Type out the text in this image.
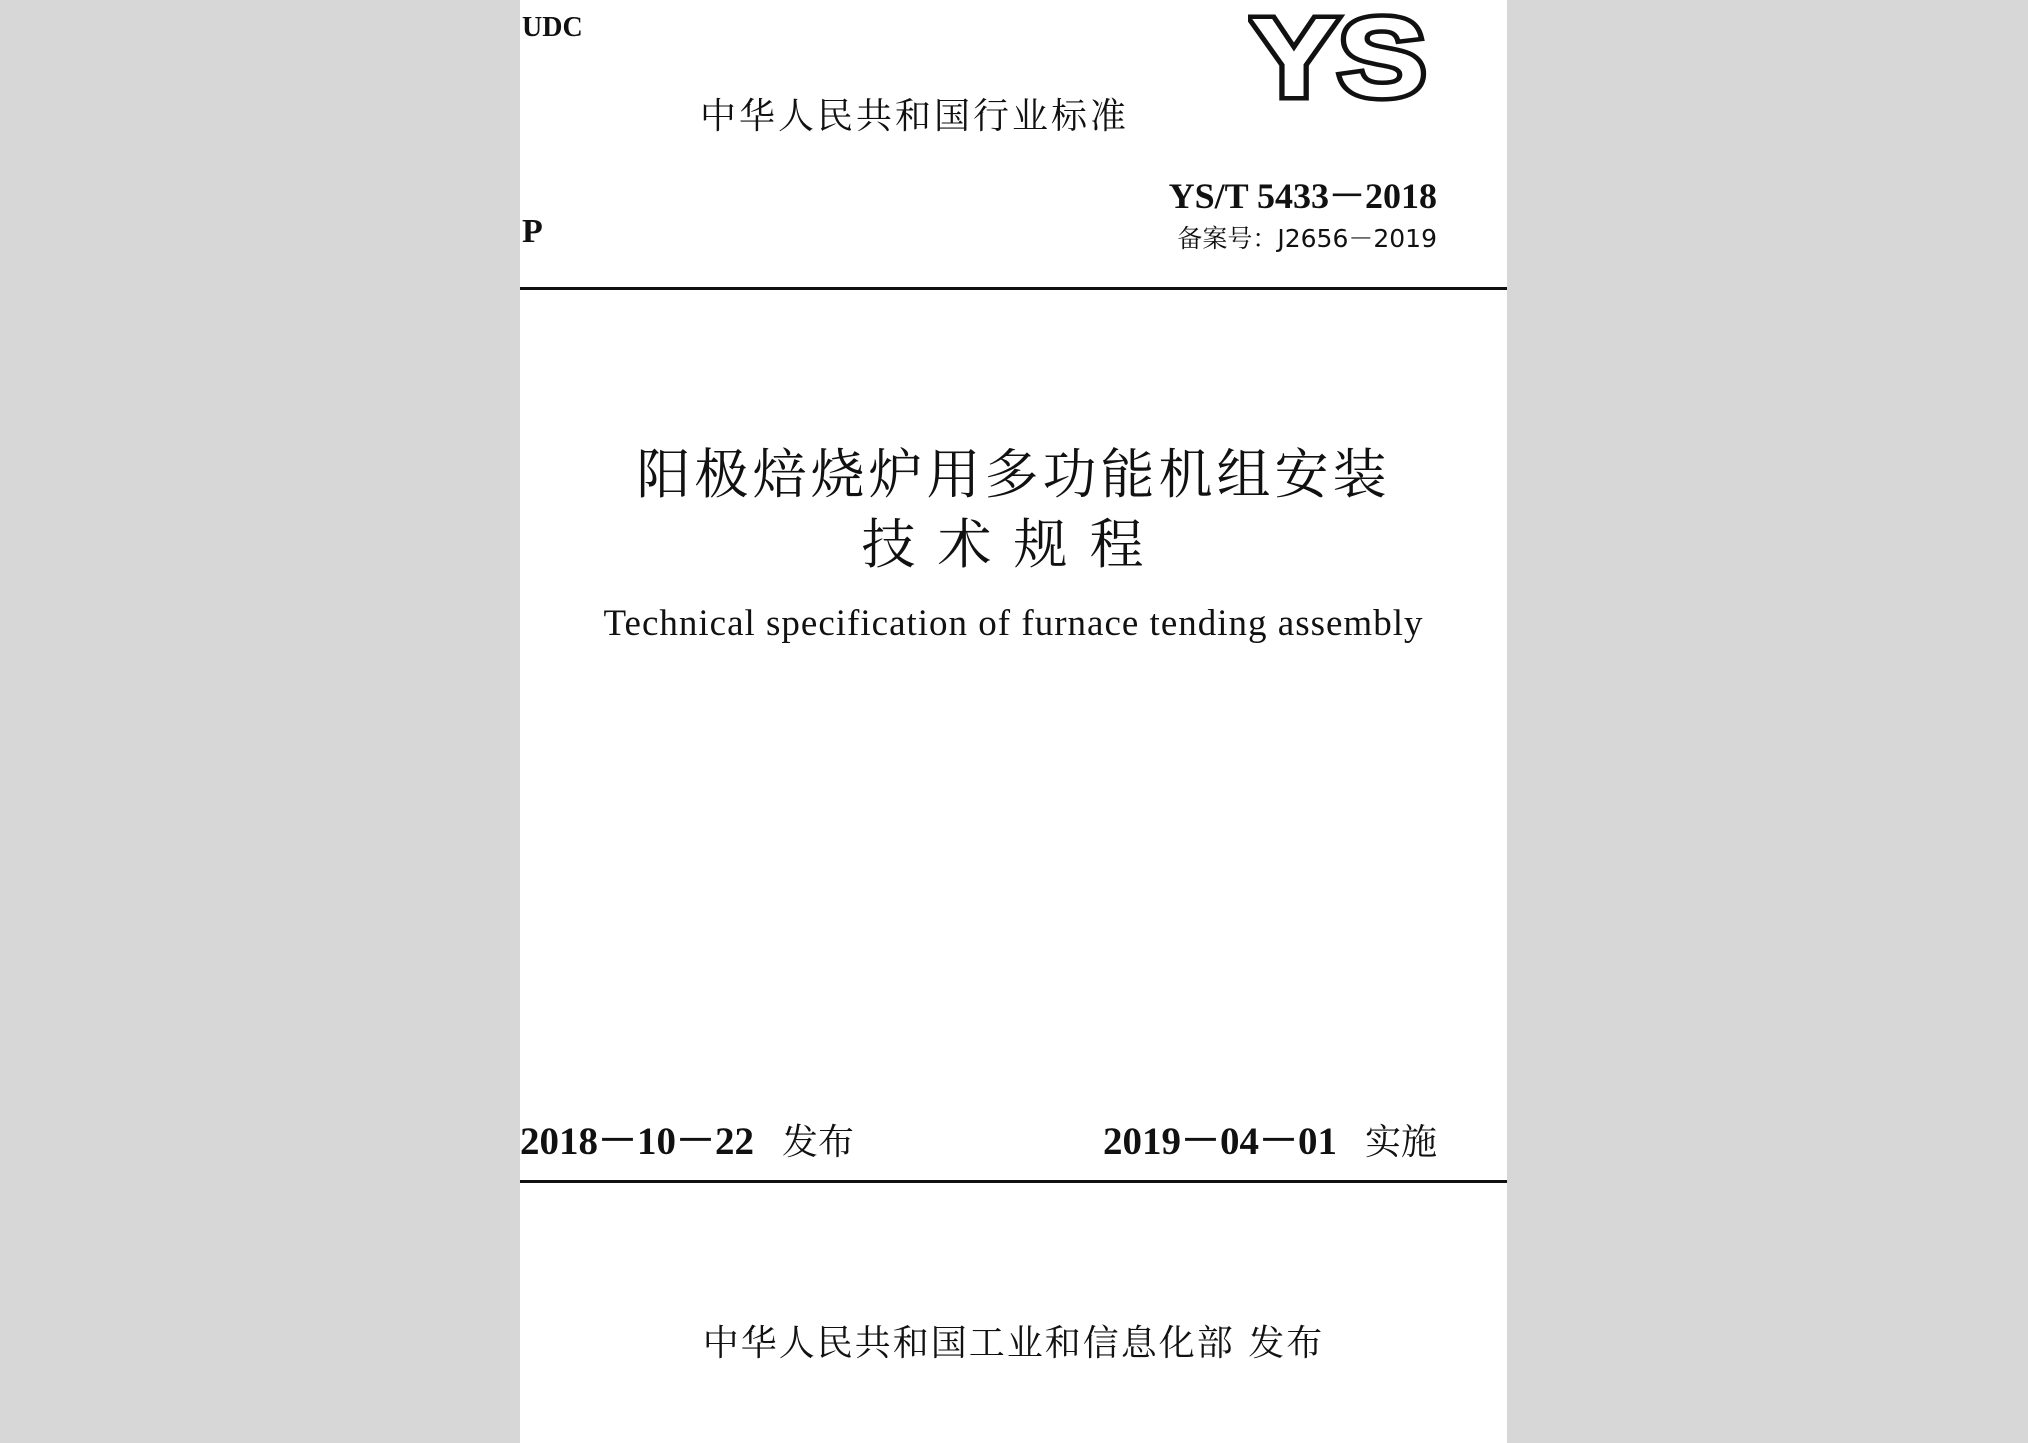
UDC	YS
中华人民共和国行业标准
P
YS/T 5433－2018
备案号：J2656－2019
阳极焙烧炉用多功能机组安装
技术规程
Technical specification of furnace tending assembly
2018－10－22 发布	2019－04－01 实施
中华人民共和国工业和信息化部 发布
